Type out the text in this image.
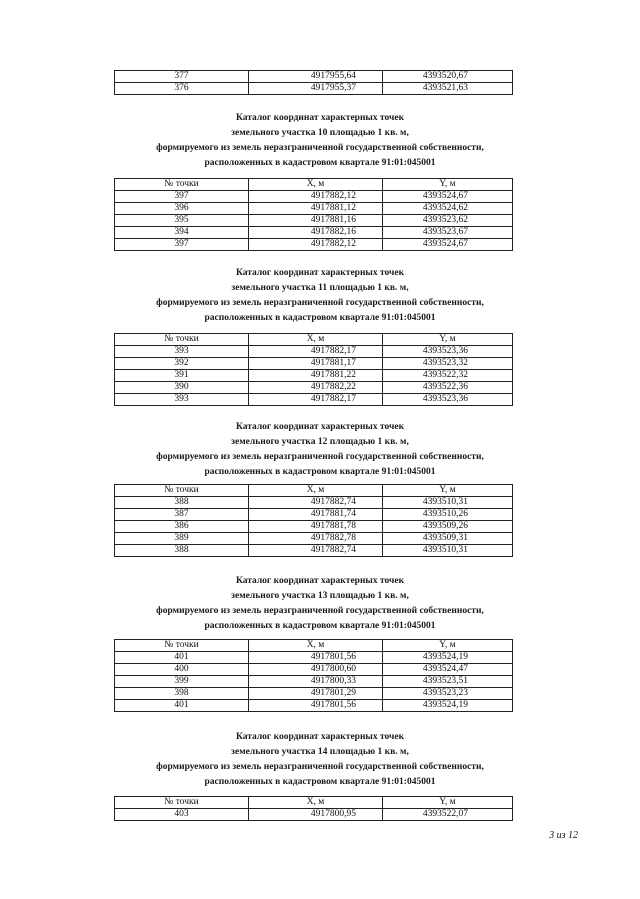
377	4917955,64	4393520,67
376	4917955,37	4393521,63
Каталог координат характерных точек
земельного участка 10 площадью 1 кв. м,
формируемого из земель неразграниченной государственной собственности,
расположенных в кадастровом квартале 91:01:045001
№ точки	X, м	Y, м
397	4917882,12	4393524,67
396	4917881,12	4393524,62
395	4917881,16	4393523,62
394	4917882,16	4393523,67
397	4917882,12	4393524,67
Каталог координат характерных точек
земельного участка 11 площадью 1 кв. м,
формируемого из земель неразграниченной государственной собственности,
расположенных в кадастровом квартале 91:01:045001
№ точки	X, м	Y, м
393	4917882,17	4393523,36
392	4917881,17	4393523,32
391	4917881,22	4393522,32
390	4917882,22	4393522,36
393	4917882,17	4393523,36
Каталог координат характерных точек
земельного участка 12 площадью 1 кв. м,
формируемого из земель неразграниченной государственной собственности,
расположенных в кадастровом квартале 91:01:045001
№ точки	X, м	Y, м
388	4917882,74	4393510,31
387	4917881,74	4393510,26
386	4917881,78	4393509,26
389	4917882,78	4393509,31
388	4917882,74	4393510,31
Каталог координат характерных точек
земельного участка 13 площадью 1 кв. м,
формируемого из земель неразграниченной государственной собственности,
расположенных в кадастровом квартале 91:01:045001
№ точки	X, м	Y, м
401	4917801,56	4393524,19
400	4917800,60	4393524,47
399	4917800,33	4393523,51
398	4917801,29	4393523,23
401	4917801,56	4393524,19
Каталог координат характерных точек
земельного участка 14 площадью 1 кв. м,
формируемого из земель неразграниченной государственной собственности,
расположенных в кадастровом квартале 91:01:045001
№ точки	X, м	Y, м
403	4917800,95	4393522,07
3 из 12
